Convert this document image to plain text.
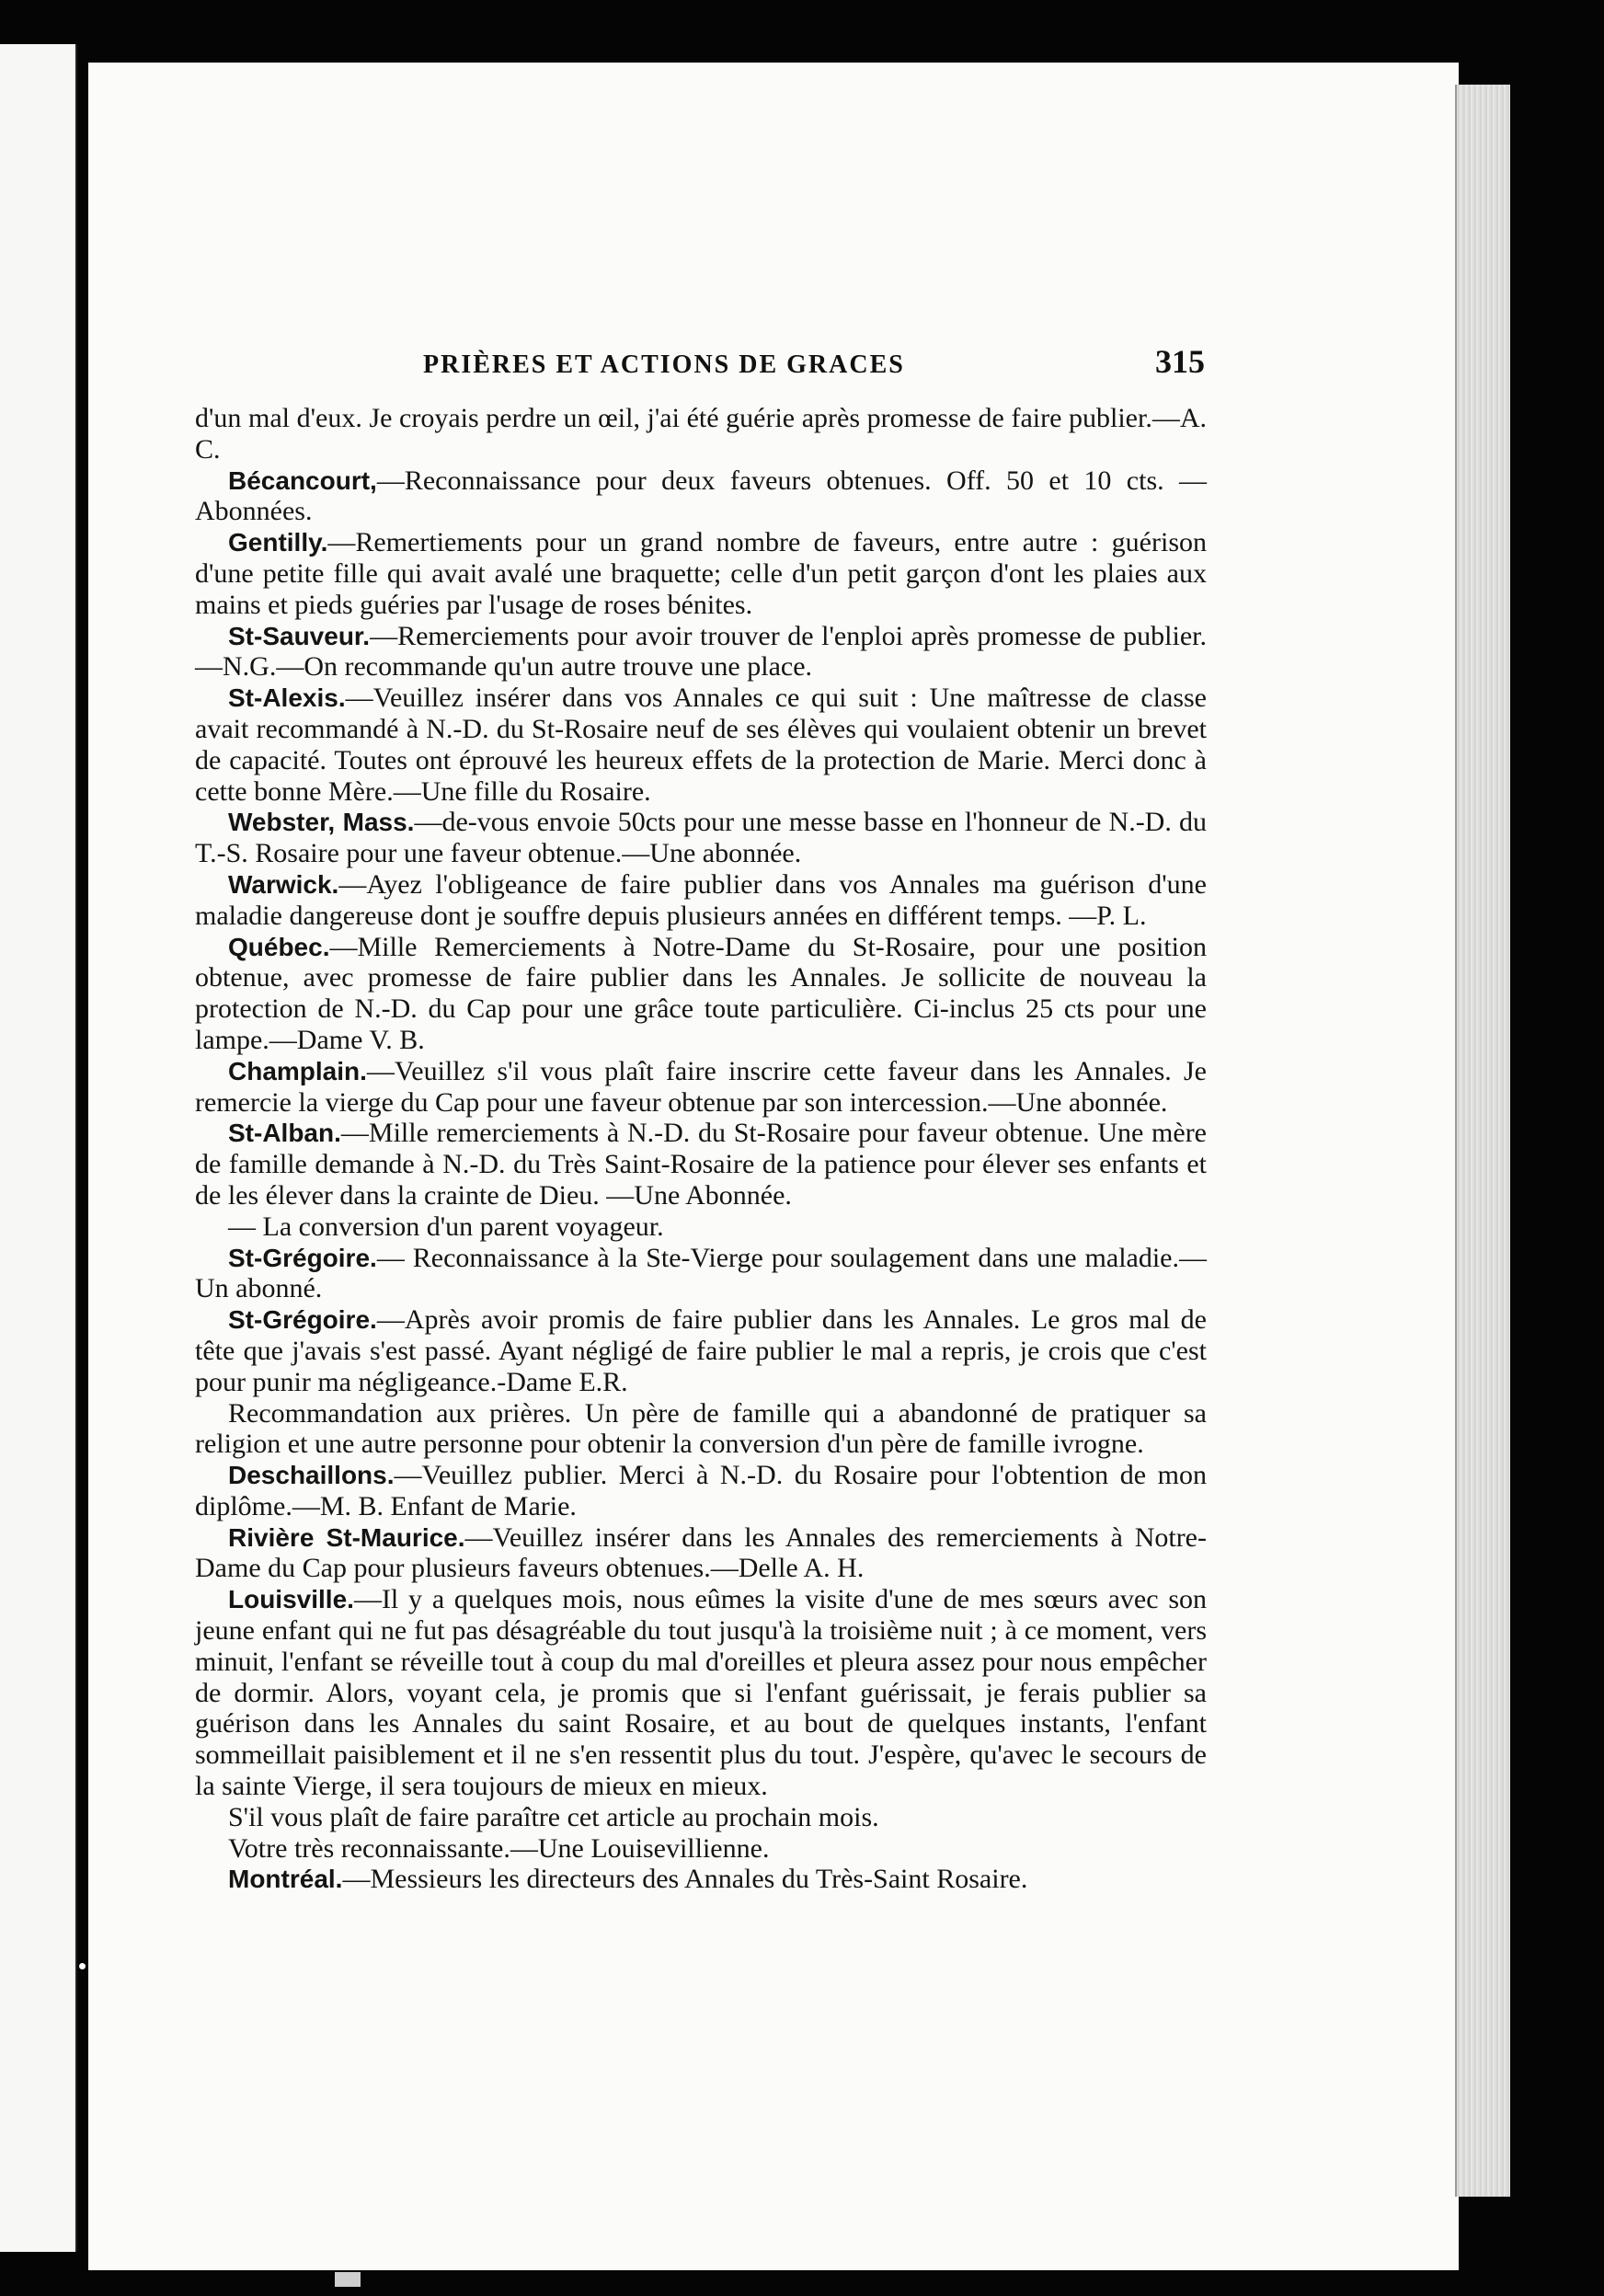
PRIÈRES ET ACTIONS DE GRACES	315

d'un mal d'eux. Je croyais perdre un œil, j'ai été guérie après promesse de faire publier.—A. C.

Bécancourt,—Reconnaissance pour deux faveurs obtenues. Off. 50 et 10 cts. —Abonnées.

Gentilly.—Remertiements pour un grand nombre de faveurs, entre autre : guérison d'une petite fille qui avait avalé une braquette; celle d'un petit garçon d'ont les plaies aux mains et pieds guéries par l'usage de roses bénites.

St-Sauveur.—Remerciements pour avoir trouver de l'enploi après promesse de publier. —N.G.—On recommande qu'un autre trouve une place.

St-Alexis.—Veuillez insérer dans vos Annales ce qui suit : Une maîtresse de classe avait recommandé à N.-D. du St-Rosaire neuf de ses élèves qui voulaient obtenir un brevet de capacité. Toutes ont éprouvé les heureux effets de la protection de Marie. Merci donc à cette bonne Mère.—Une fille du Rosaire.

Webster, Mass.—de-vous envoie 50cts pour une messe basse en l'honneur de N.-D. du T.-S. Rosaire pour une faveur obtenue.—Une abonnée.

Warwick.—Ayez l'obligeance de faire publier dans vos Annales ma guérison d'une maladie dangereuse dont je souffre depuis plusieurs années en différent temps. —P. L.

Québec.—Mille Remerciements à Notre-Dame du St-Rosaire, pour une position obtenue, avec promesse de faire publier dans les Annales. Je sollicite de nouveau la protection de N.-D. du Cap pour une grâce toute particulière. Ci-inclus 25 cts pour une lampe.—Dame V. B.

Champlain.—Veuillez s'il vous plaît faire inscrire cette faveur dans les Annales. Je remercie la vierge du Cap pour une faveur obtenue par son intercession.—Une abonnée.

St-Alban.—Mille remerciements à N.-D. du St-Rosaire pour faveur obtenue. Une mère de famille demande à N.-D. du Très Saint-Rosaire de la patience pour élever ses enfants et de les élever dans la crainte de Dieu. —Une Abonnée.

— La conversion d'un parent voyageur.

St-Grégoire.— Reconnaissance à la Ste-Vierge pour soulagement dans une maladie.—Un abonné.

St-Grégoire.—Après avoir promis de faire publier dans les Annales. Le gros mal de tête que j'avais s'est passé. Ayant négligé de faire publier le mal a repris, je crois que c'est pour punir ma négligeance.-Dame E.R.

Recommandation aux prières. Un père de famille qui a abandonné de pratiquer sa religion et une autre personne pour obtenir la conversion d'un père de famille ivrogne.

Deschaillons.—Veuillez publier. Merci à N.-D. du Rosaire pour l'obtention de mon diplôme.—M. B. Enfant de Marie.

Rivière St-Maurice.—Veuillez insérer dans les Annales des remerciements à Notre-Dame du Cap pour plusieurs faveurs obtenues.—Delle A. H.

Louisville.—Il y a quelques mois, nous eûmes la visite d'une de mes sœurs avec son jeune enfant qui ne fut pas désagréable du tout jusqu'à la troisième nuit ; à ce moment, vers minuit, l'enfant se réveille tout à coup du mal d'oreilles et pleura assez pour nous empêcher de dormir. Alors, voyant cela, je promis que si l'enfant guérissait, je ferais publier sa guérison dans les Annales du saint Rosaire, et au bout de quelques instants, l'enfant sommeillait paisiblement et il ne s'en ressentit plus du tout. J'espère, qu'avec le secours de la sainte Vierge, il sera toujours de mieux en mieux.

S'il vous plaît de faire paraître cet article au prochain mois.

Votre très reconnaissante.—Une Louisevillienne.

Montréal.—Messieurs les directeurs des Annales du Très-Saint Rosaire.
